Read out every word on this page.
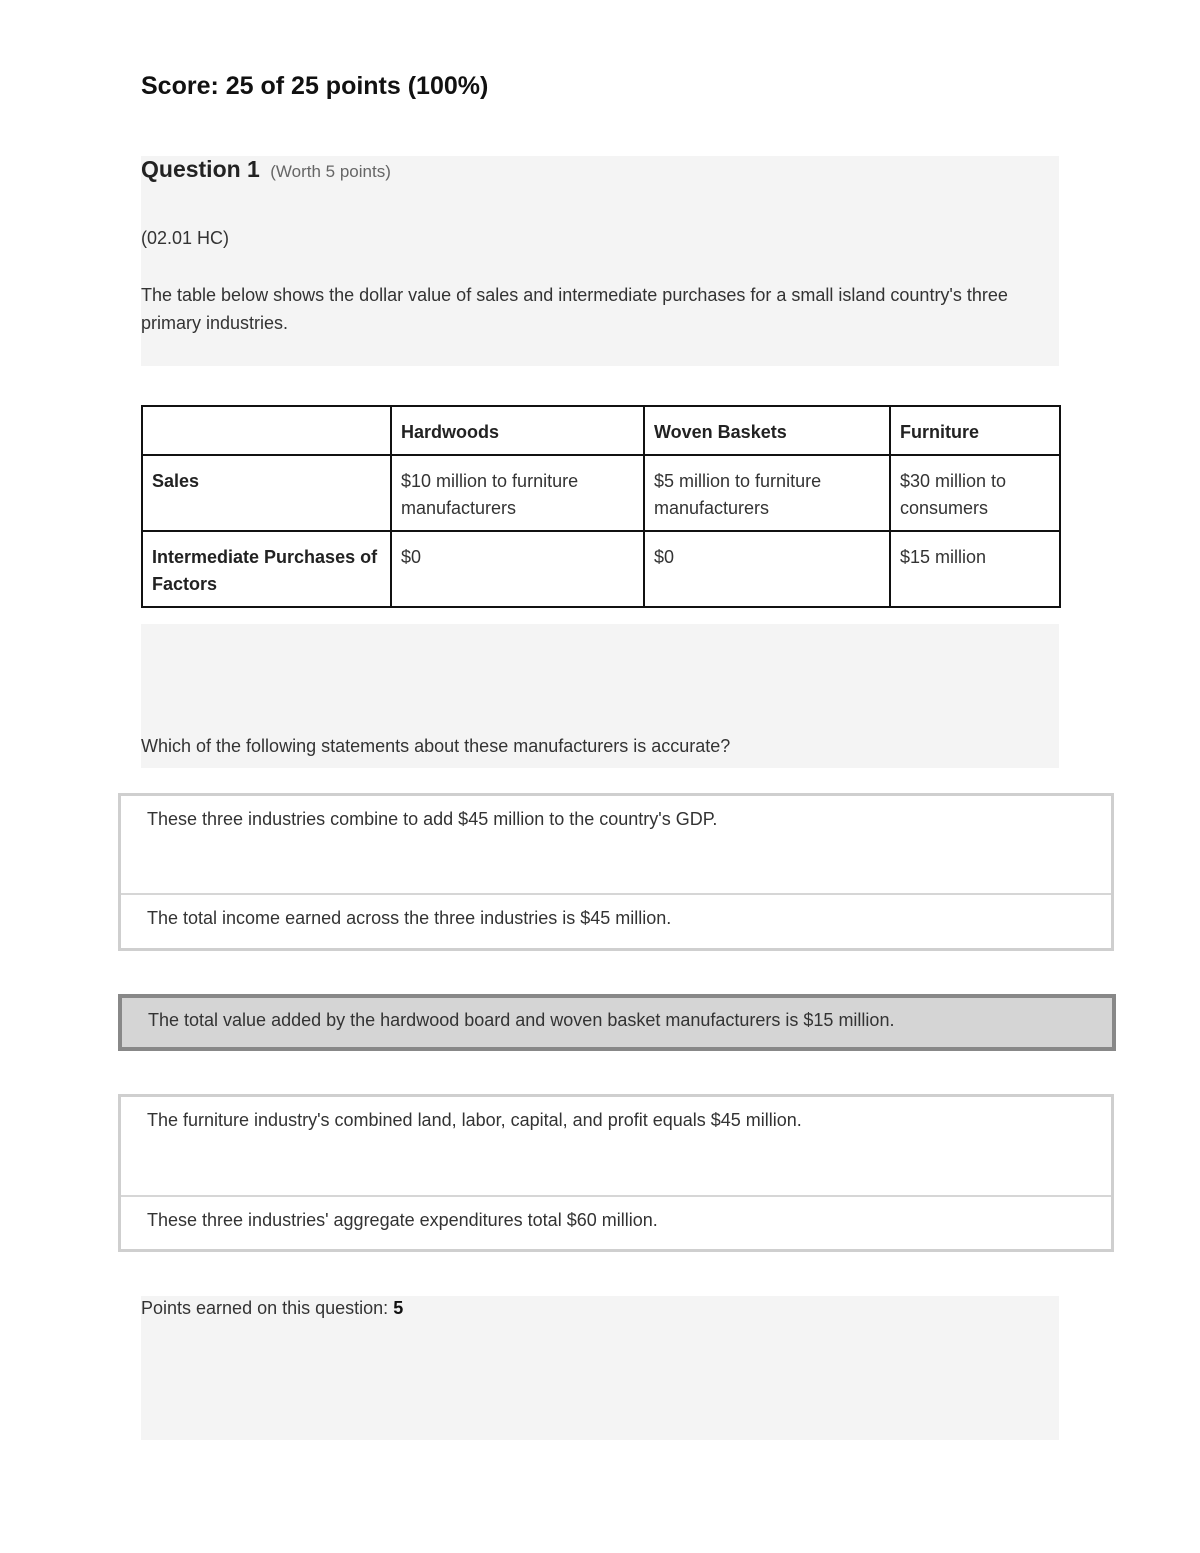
Score: 25 of 25 points (100%)
Question 1 (Worth 5 points)
(02.01 HC)
The table below shows the dollar value of sales and intermediate purchases for a small island country's three primary industries.
	Hardwoods	Woven Baskets	Furniture
Sales	$10 million to furniture manufacturers	$5 million to furniture manufacturers	$30 million to consumers
Intermediate Purchases of Factors	$0	$0	$15 million
Which of the following statements about these manufacturers is accurate?
These three industries combine to add $45 million to the country's GDP.
The total income earned across the three industries is $45 million.
The total value added by the hardwood board and woven basket manufacturers is $15 million.
The furniture industry's combined land, labor, capital, and profit equals $45 million.
These three industries' aggregate expenditures total $60 million.
Points earned on this question: 5
